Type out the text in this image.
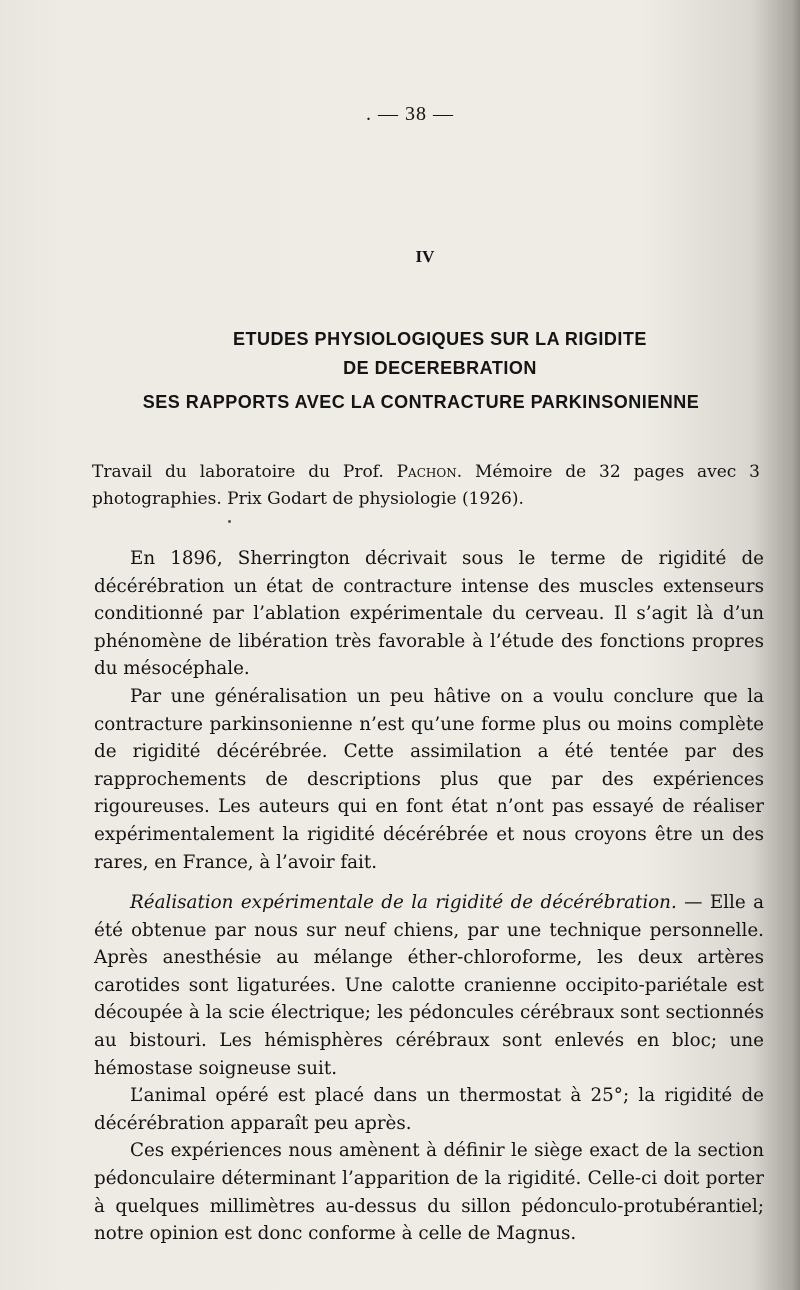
. — 38 —
IV
ETUDES PHYSIOLOGIQUES SUR LA RIGIDITE
DE DECEREBRATION
SES RAPPORTS AVEC LA CONTRACTURE PARKINSONIENNE
Travail du laboratoire du Prof. Pachon. Mémoire de 32 pages avec 3 photographies. Prix Godart de physiologie (1926).

En 1896, Sherrington décrivait sous le terme de rigidité de décérébration un état de contracture intense des muscles extenseurs conditionné par l’ablation expérimentale du cerveau. Il s’agit là d’un phénomène de libération très favorable à l’étude des fonctions propres du mésocéphale.

Par une généralisation un peu hâtive on a voulu conclure que la contracture parkinsonienne n’est qu’une forme plus ou moins complète de rigidité décérébrée. Cette assimilation a été tentée par des rapprochements de descriptions plus que par des expériences rigoureuses. Les auteurs qui en font état n’ont pas essayé de réaliser expérimentalement la rigidité décérébrée et nous croyons être un des rares, en France, à l’avoir fait.

Réalisation expérimentale de la rigidité de décérébration. — Elle a été obtenue par nous sur neuf chiens, par une technique personnelle. Après anesthésie au mélange éther-chloroforme, les deux artères carotides sont ligaturées. Une calotte cranienne occipito-pariétale est découpée à la scie électrique; les pédoncules cérébraux sont sectionnés au bistouri. Les hémisphères cérébraux sont enlevés en bloc; une hémostase soigneuse suit.

L’animal opéré est placé dans un thermostat à 25°; la rigidité de décérébration apparaît peu après.

Ces expériences nous amènent à définir le siège exact de la section pédonculaire déterminant l’apparition de la rigidité. Celle-ci doit porter à quelques millimètres au-dessus du sillon pédonculo-protubérantiel; notre opinion est donc conforme à celle de Magnus.
